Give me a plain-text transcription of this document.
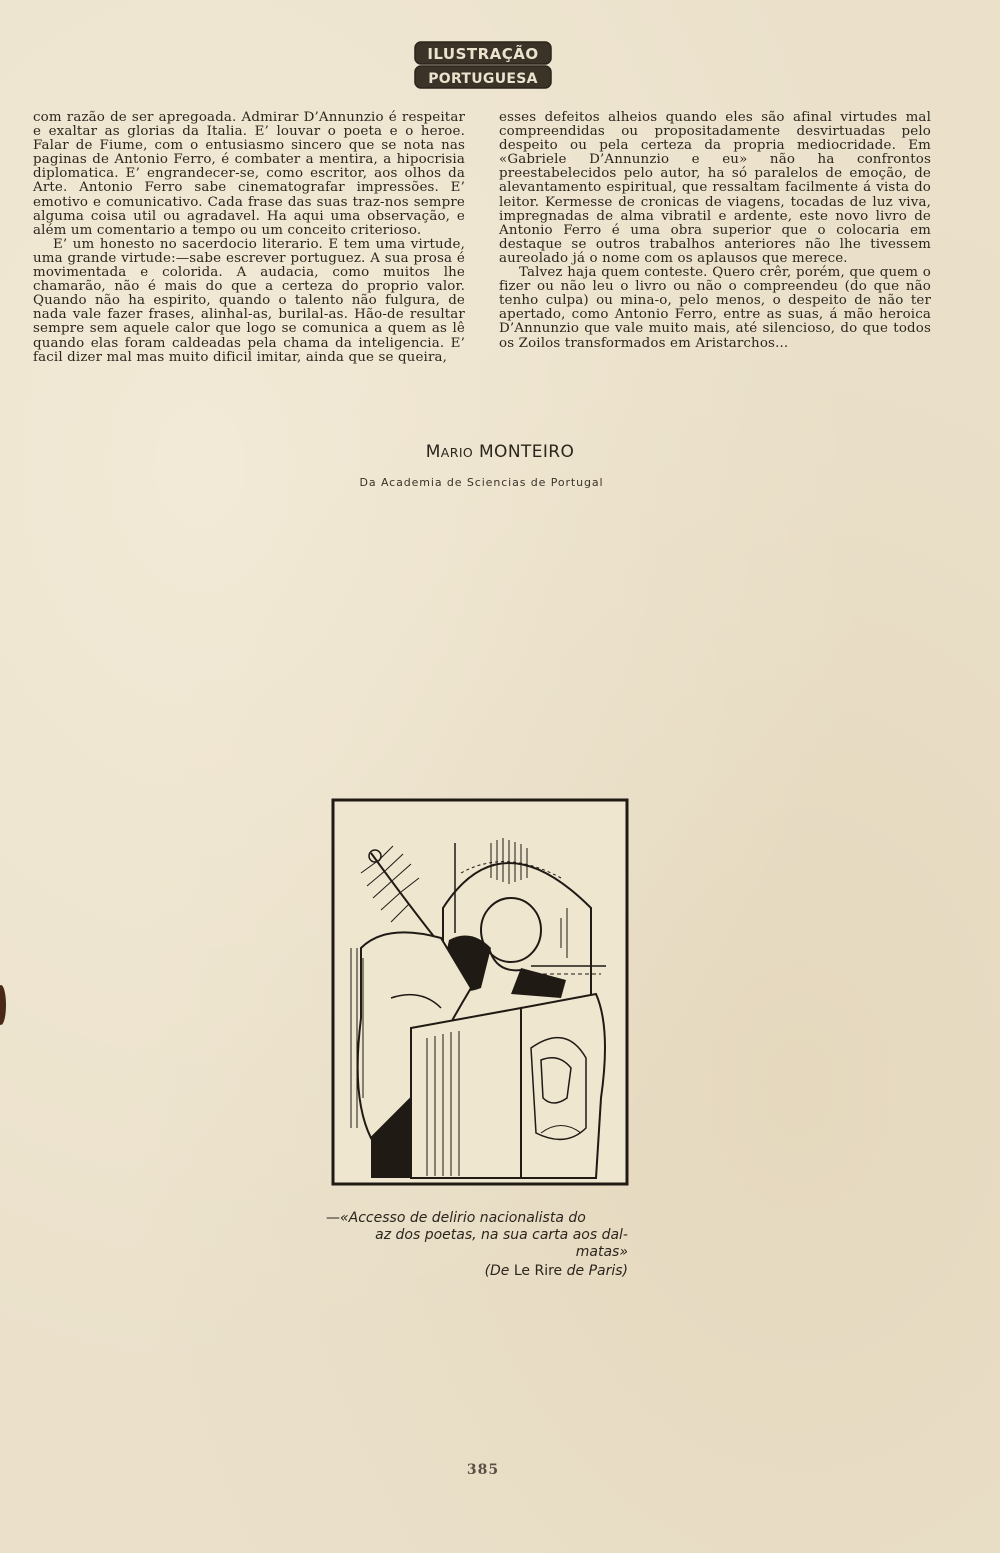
ILUSTRAÇÃO
PORTUGUESA

com razão de ser apregoada. Admirar D’Annunzio é respeitar e exaltar as glorias da Italia. E’ louvar o poeta e o heroe. Falar de Fiume, com o entusiasmo sincero que se nota nas paginas de Antonio Ferro, é combater a mentira, a hipocrisia diplomatica. E’ engrandecer-se, como escritor, aos olhos da Arte. Antonio Ferro sabe cinematografar impressões. E’ emotivo e comunicativo. Cada frase das suas traz-nos sempre alguma coisa util ou agradavel. Ha aqui uma observação, e além um comentario a tempo ou um conceito criterioso.

E’ um honesto no sacerdocio literario. E tem uma virtude, uma grande virtude:—sabe escrever portuguez. A sua prosa é movimentada e colorida. A audacia, como muitos lhe chamarão, não é mais do que a certeza do proprio valor. Quando não ha espirito, quando o talento não fulgura, de nada vale fazer frases, alinhal-as, burilal-as. Hão-de resultar sempre sem aquele calor que logo se comunica a quem as lê quando elas foram caldeadas pela chama da inteligencia. E’ facil dizer mal mas muito dificil imitar, ainda que se queira,

esses defeitos alheios quando eles são afinal virtudes mal compreendidas ou propositadamente desvirtuadas pelo despeito ou pela certeza da propria mediocridade. Em «Gabriele D’Annunzio e eu» não ha confrontos preestabelecidos pelo autor, ha só paralelos de emoção, de alevantamento espiritual, que ressaltam facilmente á vista do leitor. Kermesse de cronicas de viagens, tocadas de luz viva, impregnadas de alma vibratil e ardente, este novo livro de Antonio Ferro é uma obra superior que o colocaria em destaque se outros trabalhos anteriores não lhe tivessem aureolado já o nome com os aplausos que merece.

Talvez haja quem conteste. Quero crêr, porém, que quem o fizer ou não leu o livro ou não o compreendeu (do que não tenho culpa) ou mina-o, pelo menos, o despeito de não ter apertado, como Antonio Ferro, entre as suas, á mão heroica D’Annunzio que vale muito mais, até silencioso, do que todos os Zoilos transformados em Aristarchos...

MARIO MONTEIRO
Da Academia de Sciencias de Portugal
—«Accesso de delirio nacionalista do
az dos poetas, na sua carta aos dal-
matas»
(De Le Rire de Paris)
385
